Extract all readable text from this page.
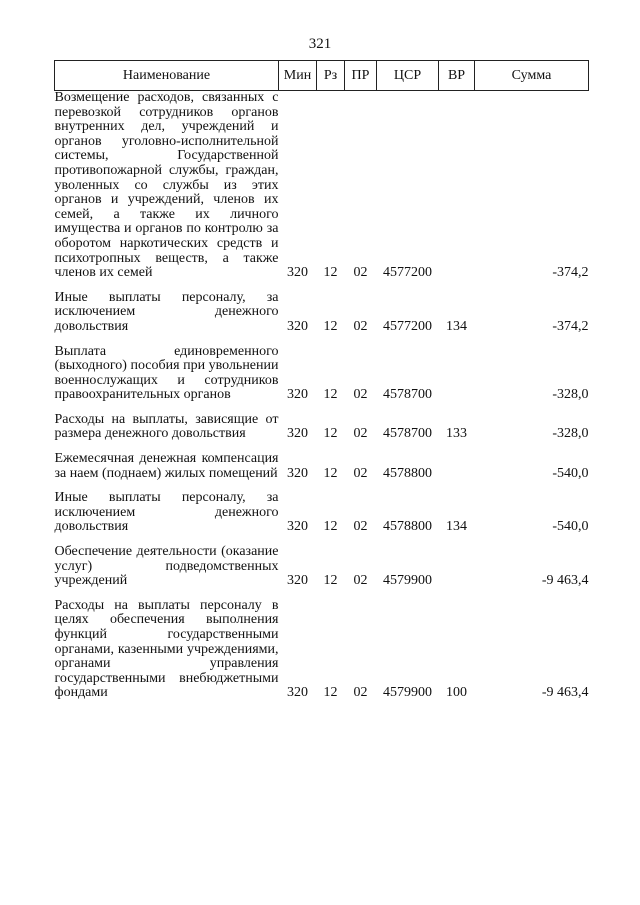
321
Наименование	Мин	Рз	ПР	ЦСР	ВР	Сумма
Возмещение расходов, связанных с перевозкой сотрудников органов внутренних дел, учреждений и органов уголовно-исполнительной системы, Государственной противопожарной службы, граждан, уволенных со службы из этих органов и учреждений, членов их семей, а также их личного имущества и органов по контролю за оборотом наркотических средств и психотропных веществ, а также членов их семей	320	12	02	4577200		-374,2

Иные выплаты персоналу, за исключением денежного довольствия	320	12	02	4577200	134	-374,2

Выплата единовременного (выходного) пособия при увольнении военнослужащих и сотрудников правоохранительных органов	320	12	02	4578700		-328,0

Расходы на выплаты, зависящие от размера денежного довольствия	320	12	02	4578700	133	-328,0

Ежемесячная денежная компенсация за наем (поднаем) жилых помещений	320	12	02	4578800		-540,0

Иные выплаты персоналу, за исключением денежного довольствия	320	12	02	4578800	134	-540,0

Обеспечение деятельности (оказание услуг) подведомственных учреждений	320	12	02	4579900		-9 463,4

Расходы на выплаты персоналу в целях обеспечения выполнения функций государственными органами, казенными учреждениями, органами управления государственными внебюджетными фондами	320	12	02	4579900	100	-9 463,4
